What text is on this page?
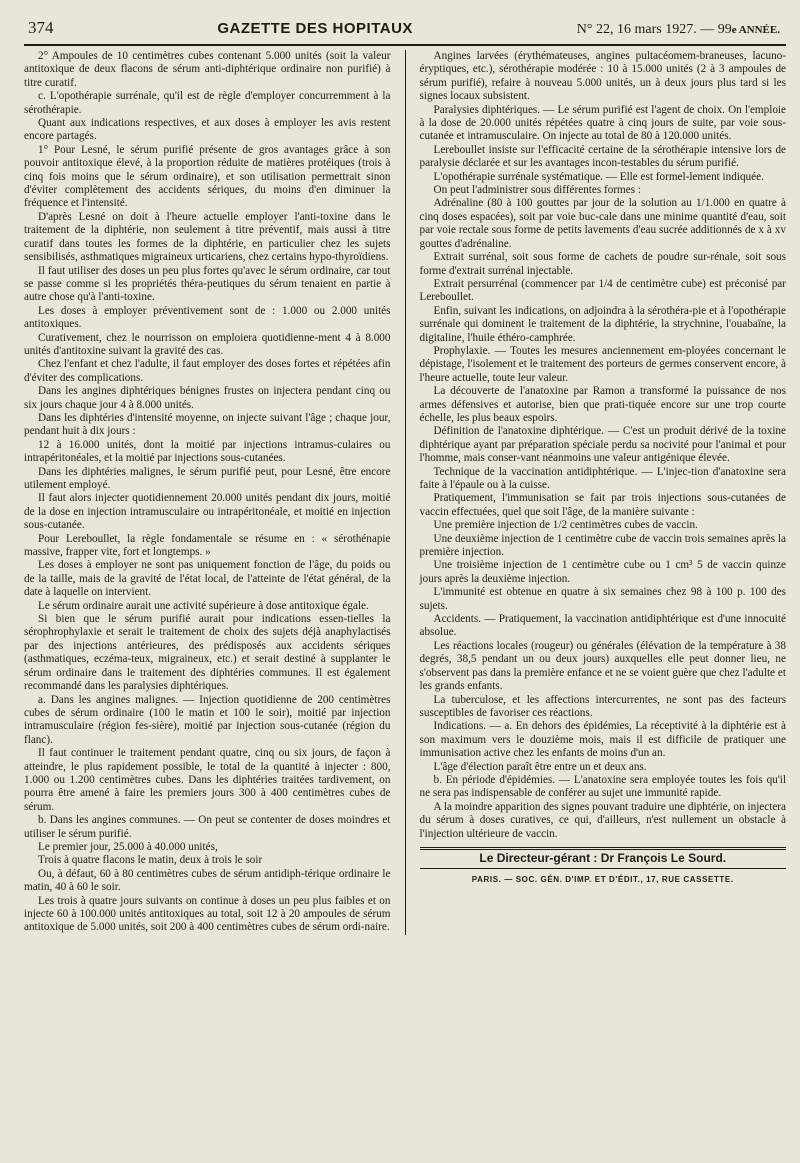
374	GAZETTE DES HOPITAUX	N° 22, 16 mars 1927. — 99e ANNÉE.

2° Ampoules de 10 centimètres cubes contenant 5.000 unités (soit la valeur antitoxique de deux flacons de sérum anti-diphtérique ordinaire non purifié) à titre curatif.

c. L'opothérapie surrénale, qu'il est de règle d'employer concurremment à la sérothérapie.

Quant aux indications respectives, et aux doses à employer les avis restent encore partagés.

1° Pour Lesné, le sérum purifié présente de gros avantages grâce à son pouvoir antitoxique élevé, à la proportion réduite de matières protéiques (trois à cinq fois moins que le sérum ordinaire), et son utilisation permettrait sinon d'éviter complètement des accidents sériques, du moins d'en diminuer la fréquence et l'intensité.

D'après Lesné on doit à l'heure actuelle employer l'anti-toxine dans le traitement de la diphtérie, non seulement à titre préventif, mais aussi à titre curatif dans toutes les formes de la diphtérie, en particulier chez les sujets sensibilisés, asthmatiques migraineux urticariens, chez certains hypo-thyroïdiens.

Il faut utiliser des doses un peu plus fortes qu'avec le sérum ordinaire, car tout se passe comme si les propriétés théra-peutiques du sérum tenaient en partie à autre chose qu'à l'anti-toxine.

Les doses à employer préventivement sont de : 1.000 ou 2.000 unités antitoxiques.

Curativement, chez le nourrisson on emploiera quotidienne-ment 4 à 8.000 unités d'antitoxine suivant la gravité des cas.

Chez l'enfant et chez l'adulte, il faut employer des doses fortes et répétées afin d'éviter des complications.

Dans les angines diphtériques bénignes frustes on injectera pendant cinq ou six jours chaque jour 4 à 8.000 unités.

Dans les diphtéries d'intensité moyenne, on injecte suivant l'âge ; chaque jour, pendant huit à dix jours :

12 à 16.000 unités, dont la moitié par injections intramus-culaires ou intrapéritonéales, et la moitié par injections sous-cutanées.

Dans les diphtéries malignes, le sérum purifié peut, pour Lesné, être encore utilement employé.

Il faut alors injecter quotidiennement 20.000 unités pendant dix jours, moitié de la dose en injection intramusculaire ou intrapéritonéale, et moitié en injection sous-cutanée.

Pour Lereboullet, la règle fondamentale se résume en : « sérothénapie massive, frapper vite, fort et longtemps. »

Les doses à employer ne sont pas uniquement fonction de l'âge, du poids ou de la taille, mais de la gravité de l'état local, de l'atteinte de l'état général, de la date à laquelle on intervient.

Le sérum ordinaire aurait une activité supérieure à dose antitoxique égale.

Si bien que le sérum purifié aurait pour indications essen-tielles la sérophrophylaxie et serait le traitement de choix des sujets déjà anaphylactisés par des injections antérieures, des prédisposés aux accidents sériques (asthmatiques, eczéma-teux, migraineux, etc.) et serait destiné à supplanter le sérum ordinaire dans le traitement des diphtéries communes. Il est également recommandé dans les paralysies diphtériques.

a. Dans les angines malignes. — Injection quotidienne de 200 centimètres cubes de sérum ordinaire (100 le matin et 100 le soir), moitié par injection intramusculaire (région fes-sière), moitié par injection sous-cutanée (région du flanc).

Il faut continuer le traitement pendant quatre, cinq ou six jours, de façon à atteindre, le plus rapidement possible, le total de la quantité à injecter : 800, 1.000 ou 1.200 centimètres cubes. Dans les diphtéries traitées tardivement, on pourra être amené à faire les premiers jours 300 à 400 centimètres cubes de sérum.

b. Dans les angines communes. — On peut se contenter de doses moindres et utiliser le sérum purifié.

Le premier jour, 25.000 à 40.000 unités,

Trois à quatre flacons le matin, deux à trois le soir

Ou, à défaut, 60 à 80 centimètres cubes de sérum antidiph-térique ordinaire le matin, 40 à 60 le soir.

Les trois à quatre jours suivants on continue à doses un peu plus faibles et on injecte 60 à 100.000 unités antitoxiques au total, soit 12 à 20 ampoules de sérum antitoxique de 5.000 unités, soit 200 à 400 centimètres cubes de sérum ordi-naire.

Angines larvées (érythémateuses, angines pultacéomem-braneuses, lacuno-éryptiques, etc.), sérothérapie modérée : 10 à 15.000 unités (2 à 3 ampoules de sérum purifié), refaire à nouveau 5.000 unités, un à deux jours plus tard si les signes locaux subsistent.

Paralysies diphtériques. — Le sérum purifié est l'agent de choix. On l'emploie à la dose de 20.000 unités répétées quatre à cinq jours de suite, par voie sous-cutanée et intramusculaire. On injecte au total de 80 à 120.000 unités.

Lereboullet insiste sur l'efficacité certaine de la sérothérapie intensive lors de paralysie déclarée et sur les avantages incon-testables du sérum purifié.

L'opothérapie surrénale systématique. — Elle est formel-lement indiquée.

On peut l'administrer sous différentes formes :

Adrénaline (80 à 100 gouttes par jour de la solution au 1/1.000 en quatre à cinq doses espacées), soit par voie buc-cale dans une minime quantité d'eau, soit par voie rectale sous forme de petits lavements d'eau sucrée additionnés de x à xv gouttes d'adrénaline.

Extrait surrénal, soit sous forme de cachets de poudre sur-rénale, soit sous forme d'extrait surrénal injectable.

Extrait persurrénal (commencer par 1/4 de centimètre cube) est préconisé par Lereboullet.

Enfin, suivant les indications, on adjoindra à la sérothéra-pie et à l'opothérapie surrénale qui dominent le traitement de la diphtérie, la strychnine, l'ouabaïne, la digitaline, l'huile éthéro-camphrée.

Prophylaxie. — Toutes les mesures anciennement em-ployées concernant le dépistage, l'isolement et le traitement des porteurs de germes conservent encore, à l'heure actuelle, toute leur valeur.

La découverte de l'anatoxine par Ramon a transformé la puissance de nos armes défensives et autorise, bien que prati-tiquée encore sur une trop courte échelle, les plus beaux espoirs.

Définition de l'anatoxine diphtérique. — C'est un produit dérivé de la toxine diphtérique ayant par préparation spéciale perdu sa nocivité pour l'animal et pour l'homme, mais conser-vant néanmoins une valeur antigénique élevée.

Technique de la vaccination antidiphtérique. — L'injec-tion d'anatoxine sera faite à l'épaule ou à la cuisse.

Pratiquement, l'immunisation se fait par trois injections sous-cutanées de vaccin effectuées, quel que soit l'âge, de la manière suivante :

Une première injection de 1/2 centimètres cubes de vaccin.

Une deuxième injection de 1 centimètre cube de vaccin trois semaines après la première injection.

Une troisième injection de 1 centimètre cube ou 1 cm³ 5 de vaccin quinze jours après la deuxième injection.

L'immunité est obtenue en quatre à six semaines chez 98 à 100 p. 100 des sujets.

Accidents. — Pratiquement, la vaccination antidiphtérique est d'une innocuité absolue.

Les réactions locales (rougeur) ou générales (élévation de la température à 38 degrés, 38,5 pendant un ou deux jours) auxquelles elle peut donner lieu, ne s'observent pas dans la première enfance et ne se voient guère que chez l'adulte et les grands enfants.

La tuberculose, et les affections intercurrentes, ne sont pas des facteurs susceptibles de favoriser ces réactions.

Indications. — a. En dehors des épidémies, La réceptivité à la diphtérie est à son maximum vers le douzième mois, mais il est difficile de pratiquer une immunisation active chez les enfants de moins d'un an.

L'âge d'élection paraît être entre un et deux ans.

b. En période d'épidémies. — L'anatoxine sera employée toutes les fois qu'il ne sera pas indispensable de conférer au sujet une immunité rapide.

A la moindre apparition des signes pouvant traduire une diphtérie, on injectera du sérum à doses curatives, ce qui, d'ailleurs, n'est nullement un obstacle à l'injection ultérieure de vaccin.

Le Directeur-gérant : Dr François Le Sourd.
PARIS. — SOC. GÉN. D'IMP. ET D'ÉDIT., 17, RUE CASSETTE.
